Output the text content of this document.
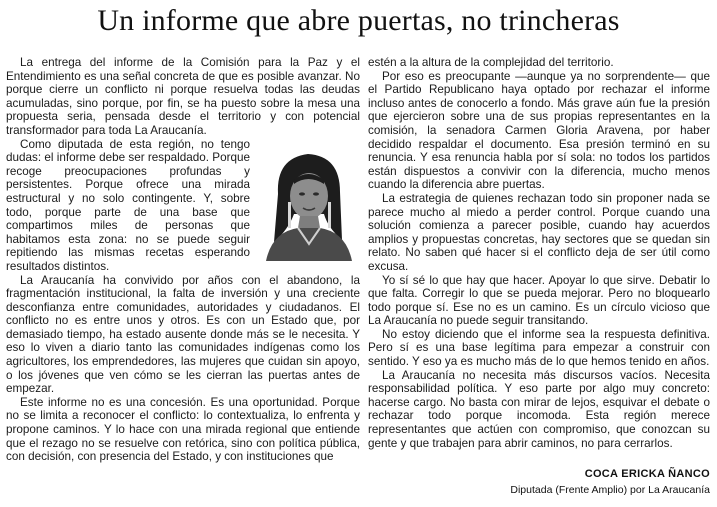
Un informe que abre puertas, no trincheras

La entrega del informe de la Comisión para la Paz y el Entendimiento es una señal concreta de que es posible avanzar. No porque cierre un conflicto ni porque resuelva todas las deudas acumuladas, sino porque, por fin, se ha puesto sobre la mesa una propuesta seria, pensada desde el territorio y con potencial transformador para toda La Araucanía.

Como diputada de esta región, no tengo dudas: el informe debe ser respaldado. Porque recoge preocupaciones profundas y persistentes. Porque ofrece una mirada estructural y no solo contingente. Y, sobre todo, porque parte de una base que compartimos miles de personas que habitamos esta zona: no se puede seguir repitiendo las mismas recetas esperando resultados distintos.

La Araucanía ha convivido por años con el abandono, la fragmentación institucional, la falta de inversión y una creciente desconfianza entre comunidades, autoridades y ciudadanos. El conflicto no es entre unos y otros. Es con un Estado que, por demasiado tiempo, ha estado ausente donde más se le necesita. Y eso lo viven a diario tanto las comunidades indígenas como los agricultores, los emprendedores, las mujeres que cuidan sin apoyo, o los jóvenes que ven cómo se les cierran las puertas antes de empezar.

Este informe no es una concesión. Es una oportunidad. Porque no se limita a reconocer el conflicto: lo contextualiza, lo enfrenta y propone caminos. Y lo hace con una mirada regional que entiende que el rezago no se resuelve con retórica, sino con política pública, con decisión, con presencia del Estado, y con instituciones que

estén a la altura de la complejidad del territorio.

Por eso es preocupante —aunque ya no sorprendente— que el Partido Republicano haya optado por rechazar el informe incluso antes de conocerlo a fondo. Más grave aún fue la presión que ejercieron sobre una de sus propias representantes en la comisión, la senadora Carmen Gloria Aravena, por haber decidido respaldar el documento. Esa presión terminó en su renuncia. Y esa renuncia habla por sí sola: no todos los partidos están dispuestos a convivir con la diferencia, mucho menos cuando la diferencia abre puertas.

La estrategia de quienes rechazan todo sin proponer nada se parece mucho al miedo a perder control. Porque cuando una solución comienza a parecer posible, cuando hay acuerdos amplios y propuestas concretas, hay sectores que se quedan sin relato. No saben qué hacer si el conflicto deja de ser útil como excusa.

Yo sí sé lo que hay que hacer. Apoyar lo que sirve. Debatir lo que falta. Corregir lo que se pueda mejorar. Pero no bloquearlo todo porque sí. Ese no es un camino. Es un círculo vicioso que La Araucanía no puede seguir transitando.

No estoy diciendo que el informe sea la respuesta definitiva. Pero sí es una base legítima para empezar a construir con sentido. Y eso ya es mucho más de lo que hemos tenido en años.

La Araucanía no necesita más discursos vacíos. Necesita responsabilidad política. Y eso parte por algo muy concreto: hacerse cargo. No basta con mirar de lejos, esquivar el debate o rechazar todo porque incomoda. Esta región merece representantes que actúen con compromiso, que conozcan su gente y que trabajen para abrir caminos, no para cerrarlos.

COCA ERICKA ÑANCO
Diputada (Frente Amplio) por La Araucanía
